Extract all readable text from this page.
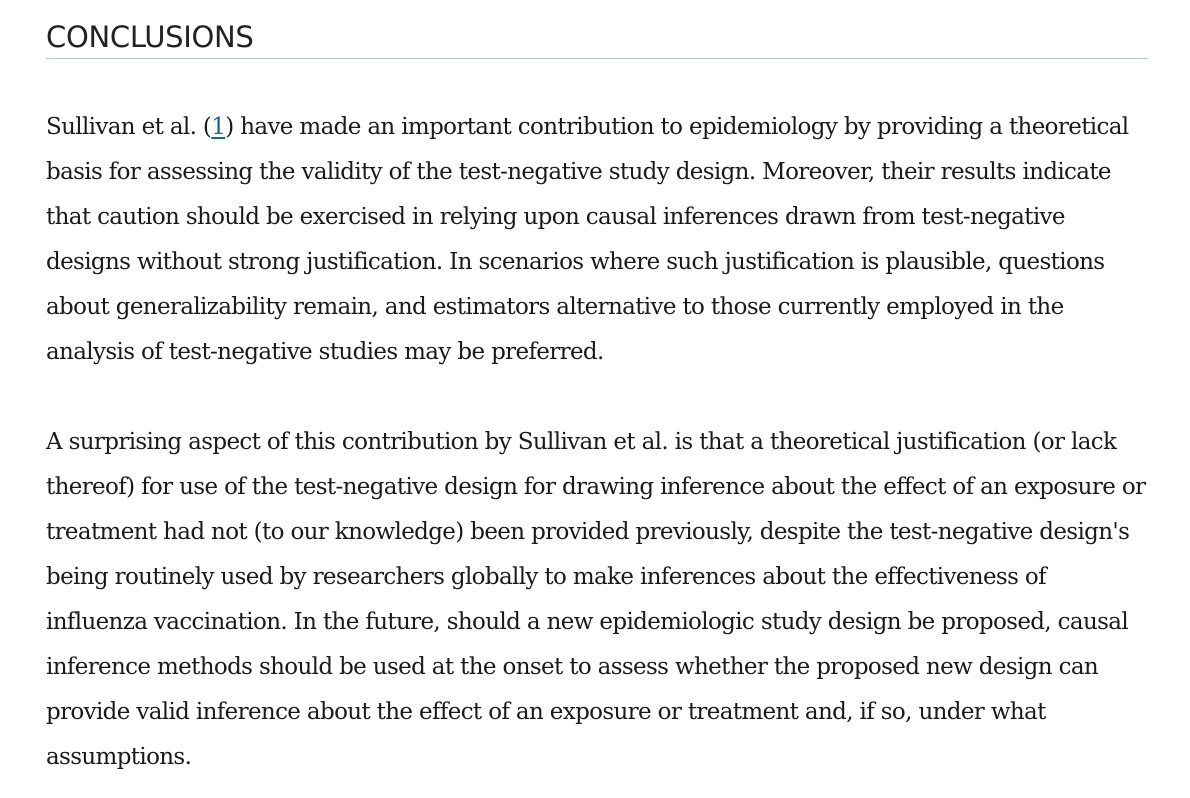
CONCLUSIONS

Sullivan et al. (1) have made an important contribution to epidemiology by providing a theoretical basis for assessing the validity of the test-negative study design. Moreover, their results indicate that caution should be exercised in relying upon causal inferences drawn from test-negative designs without strong justification. In scenarios where such justification is plausible, questions about generalizability remain, and estimators alternative to those currently employed in the analysis of test-negative studies may be preferred.

A surprising aspect of this contribution by Sullivan et al. is that a theoretical justification (or lack thereof) for use of the test-negative design for drawing inference about the effect of an exposure or treatment had not (to our knowledge) been provided previously, despite the test-negative design's being routinely used by researchers globally to make inferences about the effectiveness of influenza vaccination. In the future, should a new epidemiologic study design be proposed, causal inference methods should be used at the onset to assess whether the proposed new design can provide valid inference about the effect of an exposure or treatment and, if so, under what assumptions.
